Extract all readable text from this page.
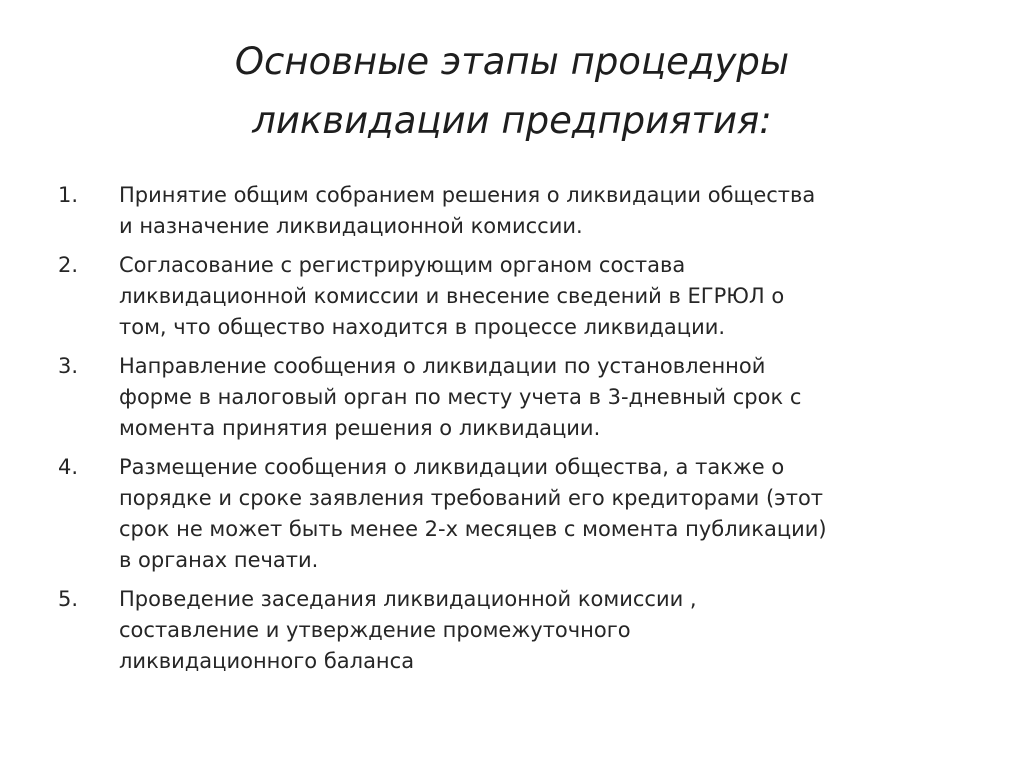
Основные этапы процедуры
ликвидации предприятия:
1.	Принятие общим собранием решения о ликвидации общества
и назначение ликвидационной комиссии.
2.	Согласование с регистрирующим органом состава
ликвидационной комиссии и внесение сведений в ЕГРЮЛ о
том, что общество находится в процессе ликвидации.
3.	Направление сообщения о ликвидации по установленной
форме в налоговый орган по месту учета в 3-дневный срок с
момента принятия решения о ликвидации.
4.	Размещение сообщения о ликвидации общества, а также о
порядке и сроке заявления требований его кредиторами (этот
срок не может быть менее 2-х месяцев с момента публикации)
в органах печати.
5.	Проведение заседания ликвидационной комиссии ,
составление и утверждение промежуточного
ликвидационного баланса
